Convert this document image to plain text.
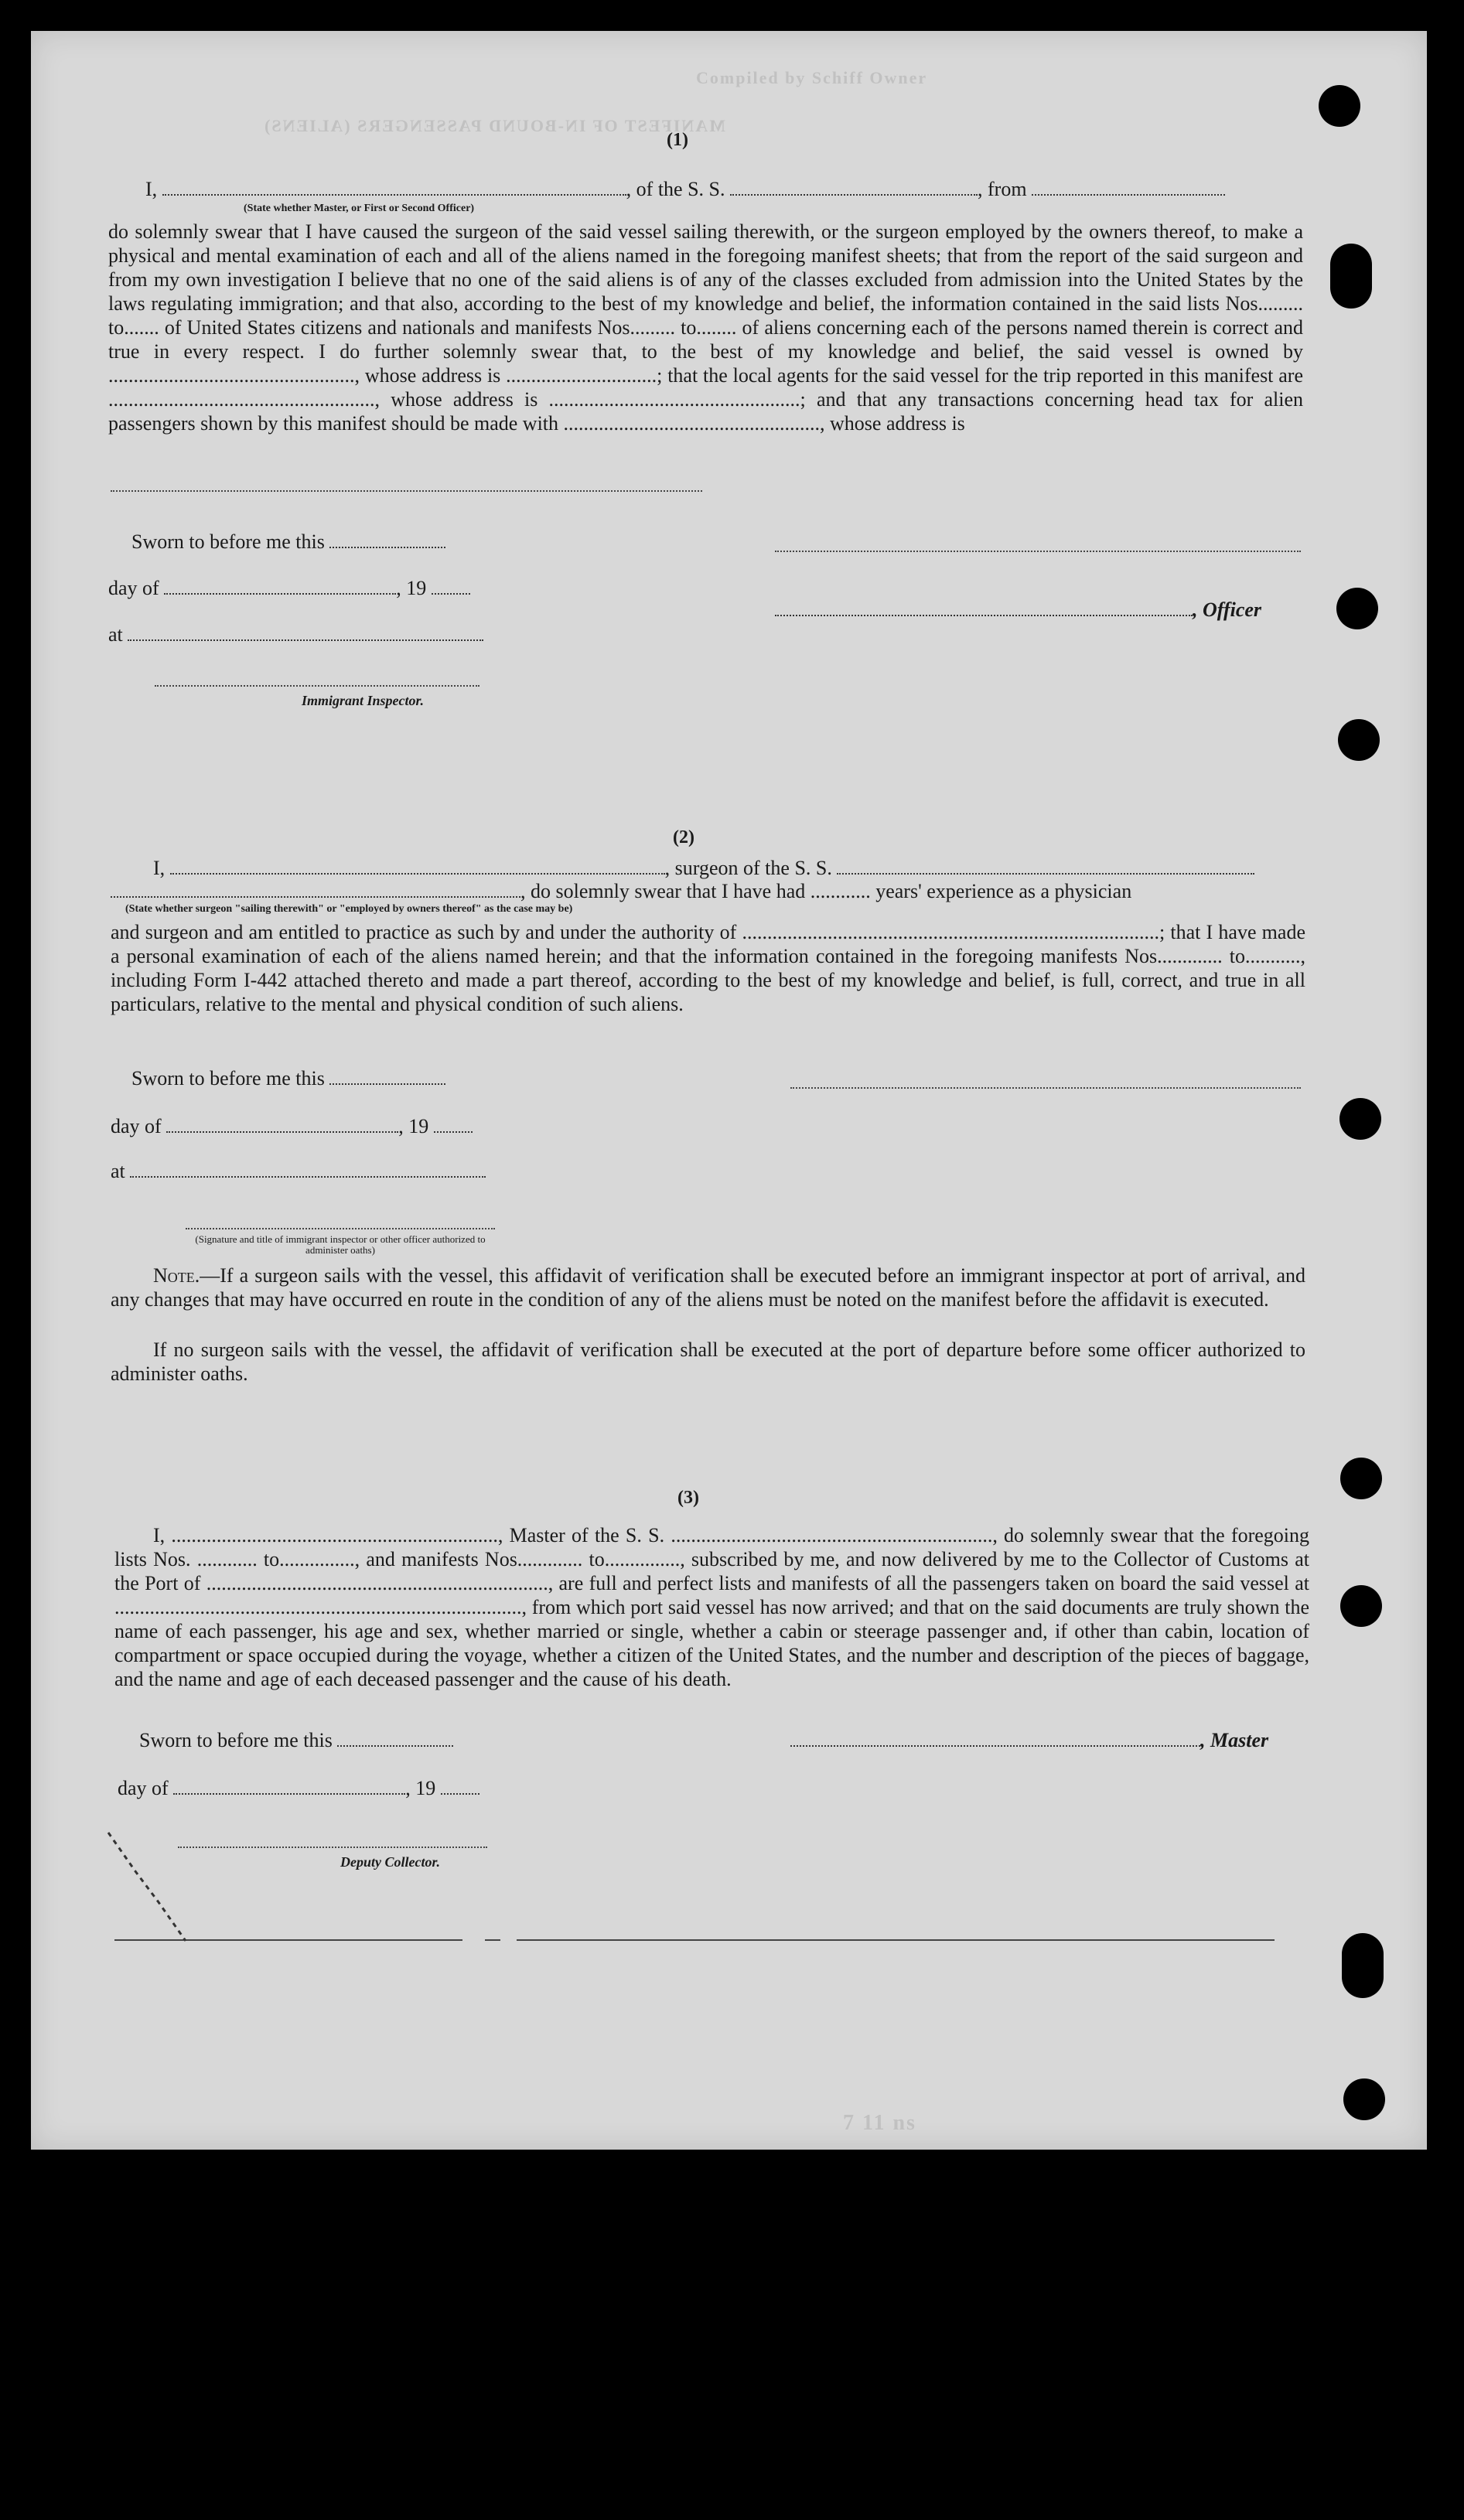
Compiled by Schiff Owner
MANIFEST OF IN-BOUND PASSENGERS (ALIENS)
(1)
I,	, of the S. S.	, from
(State whether Master, or First or Second Officer)
do solemnly swear that I have caused the surgeon of the said vessel sailing therewith, or the surgeon employed by the owners thereof, to make a physical and mental examination of each and all of the aliens named in the foregoing manifest sheets; that from the report of the said surgeon and from my own investigation I believe that no one of the said aliens is of any of the classes excluded from admission into the United States by the laws regulating immigration; and that also, according to the best of my knowledge and belief, the information contained in the said lists Nos......... to....... of United States citizens and nationals and manifests Nos......... to........ of aliens concerning each of the persons named therein is correct and true in every respect. I do further solemnly swear that, to the best of my knowledge and belief, the said vessel is owned by ................................................., whose address is ..............................; that the local agents for the said vessel for the trip reported in this manifest are ....................................................., whose address is ..................................................; and that any transactions concerning head tax for alien passengers shown by this manifest should be made with ..................................................., whose address is
Sworn to before me this
day of	, 19
, Officer
at
Immigrant Inspector.
(2)
I,	, surgeon of the S. S.
, do solemnly swear that I have had ............ years' experience as a physician
(State whether surgeon "sailing therewith" or "employed by owners thereof" as the case may be)
and surgeon and am entitled to practice as such by and under the authority of ...................................................................................; that I have made a personal examination of each of the aliens named herein; and that the information contained in the foregoing manifests Nos............. to..........., including Form I-442 attached thereto and made a part thereof, according to the best of my knowledge and belief, is full, correct, and true in all particulars, relative to the mental and physical condition of such aliens.
Sworn to before me this
day of	, 19
at
(Signature and title of immigrant inspector or other officer authorized to administer oaths)
Note.—If a surgeon sails with the vessel, this affidavit of verification shall be executed before an immigrant inspector at port of arrival, and any changes that may have occurred en route in the condition of any of the aliens must be noted on the manifest before the affidavit is executed.
If no surgeon sails with the vessel, the affidavit of verification shall be executed at the port of departure before some officer authorized to administer oaths.
(3)
I, ................................................................., Master of the S. S. ................................................................, do solemnly swear that the foregoing lists Nos. ............ to..............., and manifests Nos............. to..............., subscribed by me, and now delivered by me to the Collector of Customs at the Port of ...................................................................., are full and perfect lists and manifests of all the passengers taken on board the said vessel at ................................................................................., from which port said vessel has now arrived; and that on the said documents are truly shown the name of each passenger, his age and sex, whether married or single, whether a cabin or steerage passenger and, if other than cabin, location of compartment or space occupied during the voyage, whether a citizen of the United States, and the number and description of the pieces of baggage, and the name and age of each deceased passenger and the cause of his death.
Sworn to before me this	, Master
day of	, 19
Deputy Collector.
7 11 ns
